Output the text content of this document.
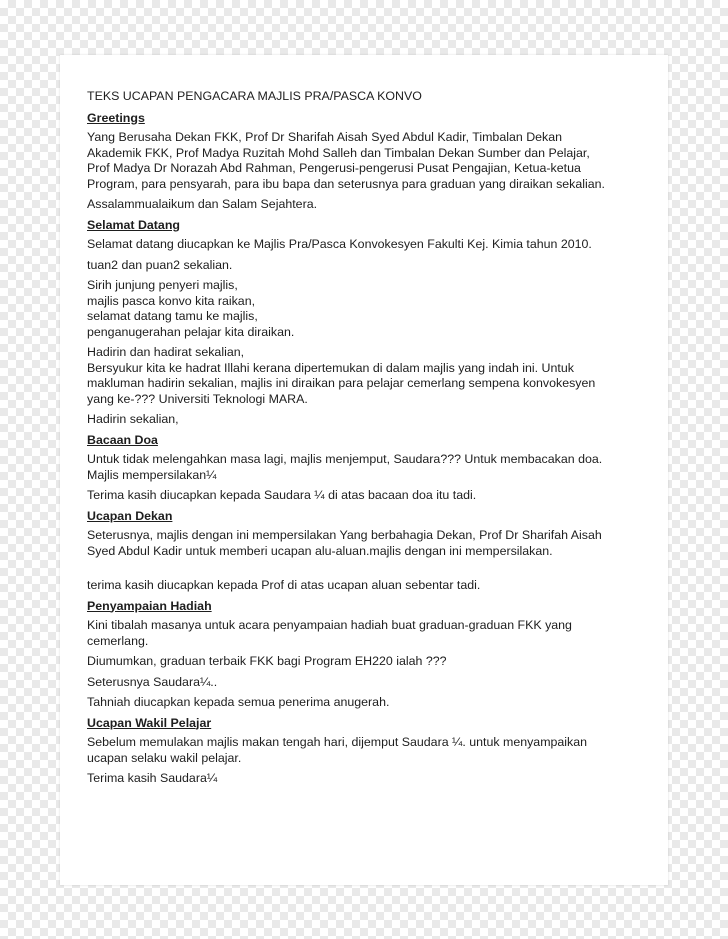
TEKS UCAPAN PENGACARA MAJLIS PRA/PASCA KONVO
Greetings
Yang Berusaha Dekan FKK, Prof Dr Sharifah Aisah Syed Abdul Kadir, Timbalan Dekan
Akademik FKK, Prof Madya Ruzitah Mohd Salleh dan Timbalan Dekan Sumber dan Pelajar,
Prof Madya Dr Norazah Abd Rahman, Pengerusi-pengerusi Pusat Pengajian, Ketua-ketua
Program, para pensyarah, para ibu bapa dan seterusnya para graduan yang diraikan sekalian.
Assalammualaikum dan Salam Sejahtera.
Selamat Datang
Selamat datang diucapkan ke Majlis Pra/Pasca Konvokesyen Fakulti Kej. Kimia tahun 2010.
tuan2 dan puan2 sekalian.
Sirih junjung penyeri majlis,
majlis pasca konvo kita raikan,
selamat datang tamu ke majlis,
penganugerahan pelajar kita diraikan.
Hadirin dan hadirat sekalian,
Bersyukur kita ke hadrat Illahi kerana dipertemukan di dalam majlis yang indah ini. Untuk
makluman hadirin sekalian, majlis ini diraikan para pelajar cemerlang sempena konvokesyen
yang ke-??? Universiti Teknologi MARA.
Hadirin sekalian,
Bacaan Doa
Untuk tidak melengahkan masa lagi, majlis menjemput, Saudara??? Untuk membacakan doa.
Majlis mempersilakan¼
Terima kasih diucapkan kepada Saudara ¼ di atas bacaan doa itu tadi.
Ucapan Dekan
Seterusnya, majlis dengan ini mempersilakan Yang berbahagia Dekan, Prof Dr Sharifah Aisah
Syed Abdul Kadir untuk memberi ucapan alu-aluan.majlis dengan ini mempersilakan.
terima kasih diucapkan kepada Prof di atas ucapan aluan sebentar tadi.
Penyampaian Hadiah
Kini tibalah masanya untuk acara penyampaian hadiah buat graduan-graduan FKK yang
cemerlang.
Diumumkan, graduan terbaik FKK bagi Program EH220 ialah ???
Seterusnya Saudara¼..
Tahniah diucapkan kepada semua penerima anugerah.
Ucapan Wakil Pelajar
Sebelum memulakan majlis makan tengah hari, dijemput Saudara ¼. untuk menyampaikan
ucapan selaku wakil pelajar.
Terima kasih Saudara¼
